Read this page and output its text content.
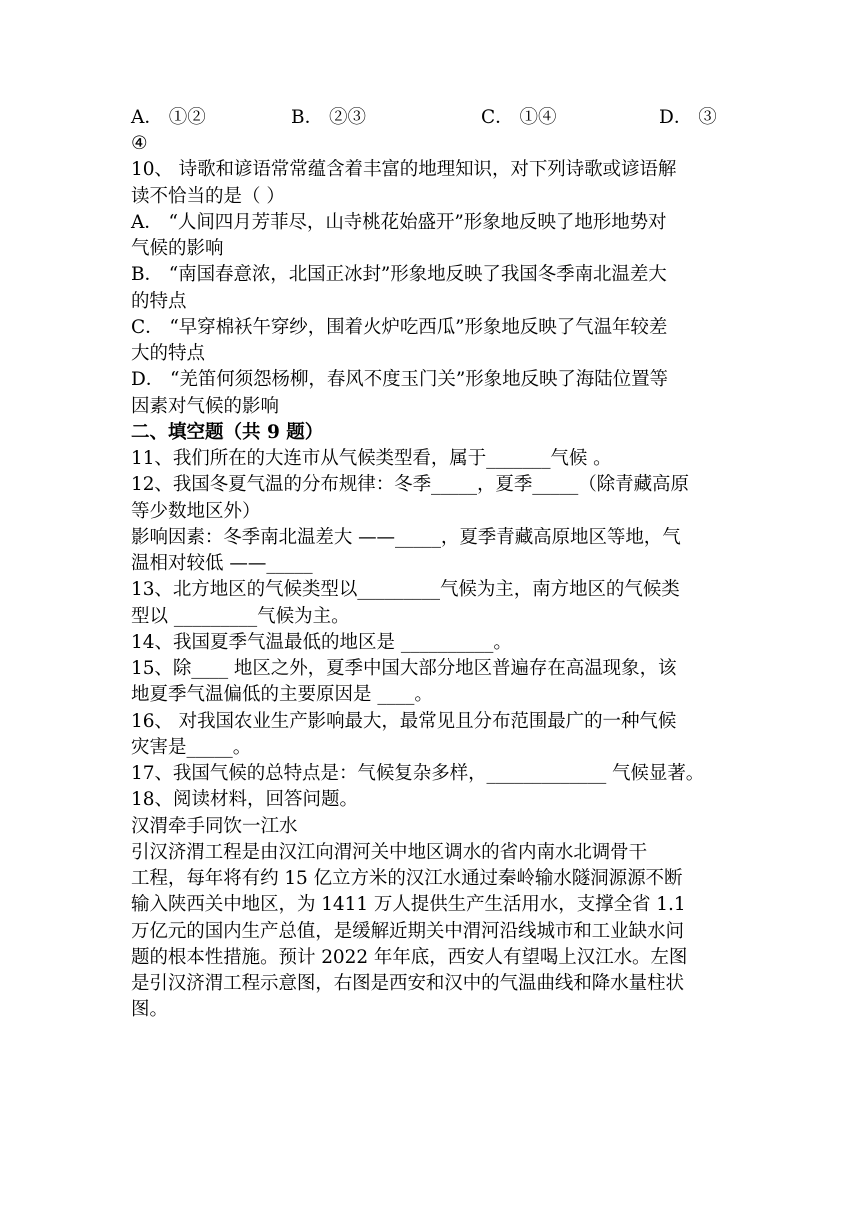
A． ①②	B． ②③	C． ①④	D． ③
④
10、 诗歌和谚语常常蕴含着丰富的地理知识，对下列诗歌或谚语解
读不恰当的是（ ）
A． “人间四月芳菲尽，山寺桃花始盛开”形象地反映了地形地势对
气候的影响
B． “南国春意浓，北国正冰封”形象地反映了我国冬季南北温差大
的特点
C． “早穿棉袄午穿纱，围着火炉吃西瓜”形象地反映了气温年较差
大的特点
D． “羌笛何须怨杨柳，春风不度玉门关”形象地反映了海陆位置等
因素对气候的影响
二、填空题（共 9 题）
11、我们所在的大连市从气候类型看，属于_______气候 。
12、我国冬夏气温的分布规律：冬季_____，夏季_____（除青藏高原
等少数地区外）
影响因素：冬季南北温差大 ——_____，夏季青藏高原地区等地，气
温相对较低 ——_____
13、北方地区的气候类型以_________气候为主，南方地区的气候类
型以 _________气候为主。
14、我国夏季气温最低的地区是 __________。
15、除____ 地区之外，夏季中国大部分地区普遍存在高温现象，该
地夏季气温偏低的主要原因是 ____。
16、 对我国农业生产影响最大，最常见且分布范围最广的一种气候
灾害是_____。
17、我国气候的总特点是：气候复杂多样，_____________ 气候显著。
18、阅读材料，回答问题。
汉渭牵手同饮一江水
引汉济渭工程是由汉江向渭河关中地区调水的省内南水北调骨干
工程，每年将有约 15 亿立方米的汉江水通过秦岭输水隧洞源源不断
输入陕西关中地区，为 1411 万人提供生产生活用水，支撑全省 1.1
万亿元的国内生产总值，是缓解近期关中渭河沿线城市和工业缺水问
题的根本性措施。预计 2022 年年底，西安人有望喝上汉江水。左图
是引汉济渭工程示意图，右图是西安和汉中的气温曲线和降水量柱状
图。
